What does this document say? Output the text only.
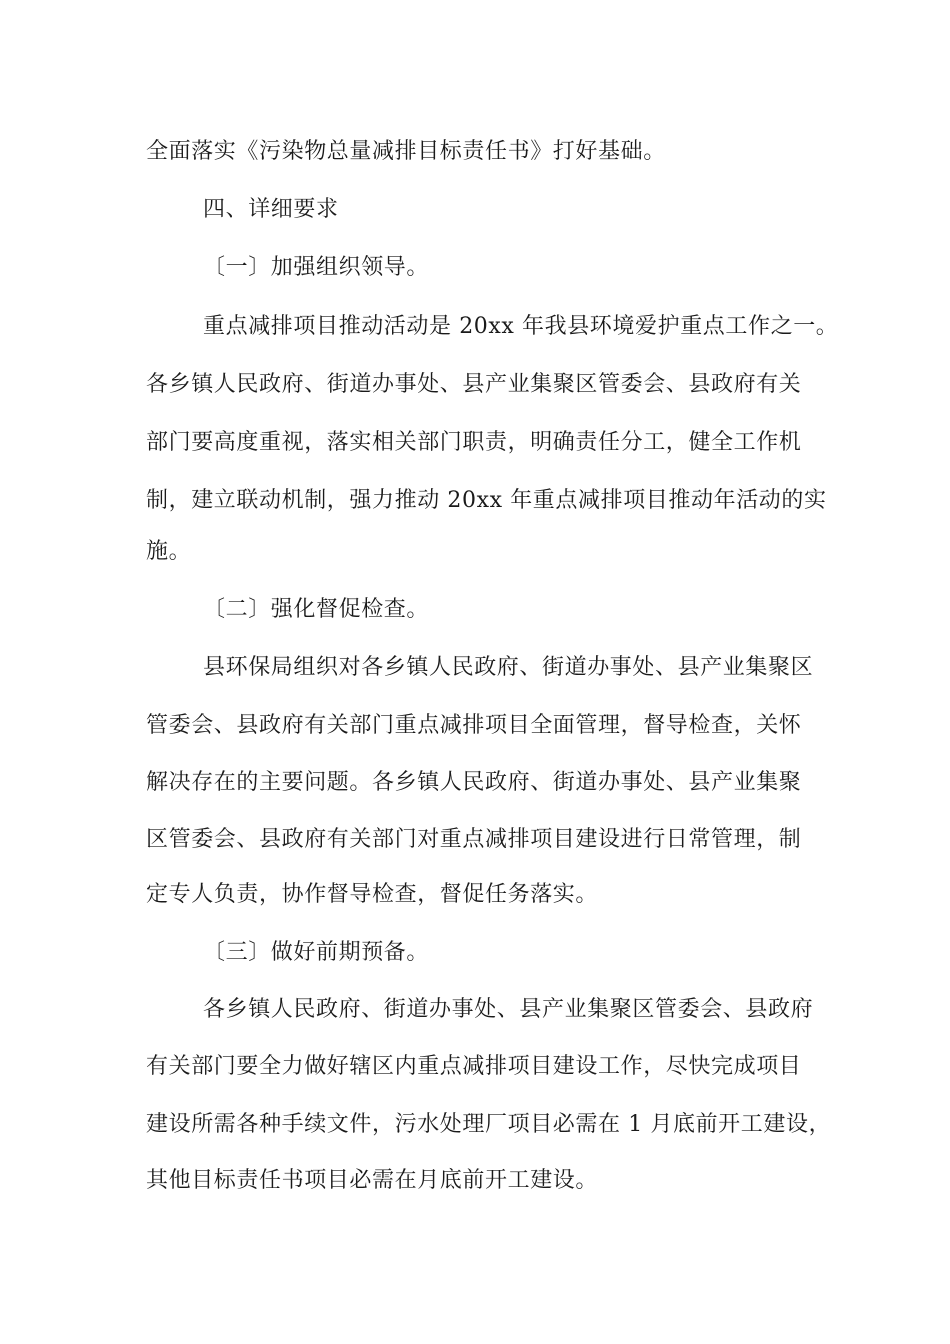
全面落实《污染物总量减排目标责任书》打好基础。
四、详细要求
〔一〕加强组织领导。
重点减排项目推动活动是 20xx 年我县环境爱护重点工作之一。
各乡镇人民政府、街道办事处、县产业集聚区管委会、县政府有关
部门要高度重视，落实相关部门职责，明确责任分工，健全工作机
制，建立联动机制，强力推动 20xx 年重点减排项目推动年活动的实
施。
〔二〕强化督促检查。
县环保局组织对各乡镇人民政府、街道办事处、县产业集聚区
管委会、县政府有关部门重点减排项目全面管理，督导检查，关怀
解决存在的主要问题。各乡镇人民政府、街道办事处、县产业集聚
区管委会、县政府有关部门对重点减排项目建设进行日常管理，制
定专人负责，协作督导检查，督促任务落实。
〔三〕做好前期预备。
各乡镇人民政府、街道办事处、县产业集聚区管委会、县政府
有关部门要全力做好辖区内重点减排项目建设工作，尽快完成项目
建设所需各种手续文件，污水处理厂项目必需在 1 月底前开工建设，
其他目标责任书项目必需在月底前开工建设。
